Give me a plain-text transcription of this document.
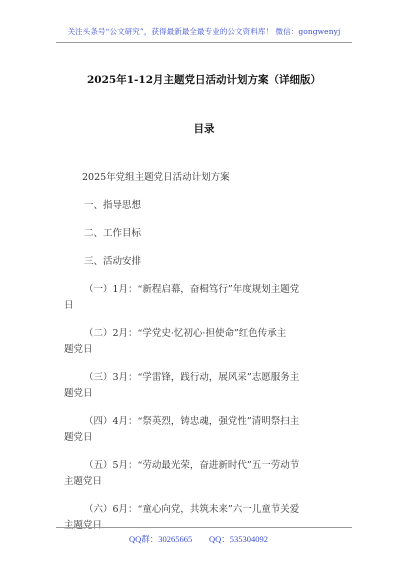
关注头条号“公文研究”，获得最新最全最专业的公文资料库！ 微信：gongwenyj
2025年1-12月主题党日活动计划方案（详细版）
目录

2025年党组主题党日活动计划方案

一、指导思想

二、工作目标

三、活动安排

（一）1月：“新程启幕，奋楫笃行”年度规划主题党

日

（二）2月：“学党史·忆初心·担使命”红色传承主

题党日

（三）3月：“学雷锋，践行动，展风采”志愿服务主

题党日

（四）4月：“祭英烈，铸忠魂，强党性”清明祭扫主

题党日

（五）5月：“劳动最光荣，奋进新时代”五一劳动节

主题党日

（六）6月：“童心向党，共筑未来”六一儿童节关爱

主题党日

QQ群：30265665 QQ：535304092
